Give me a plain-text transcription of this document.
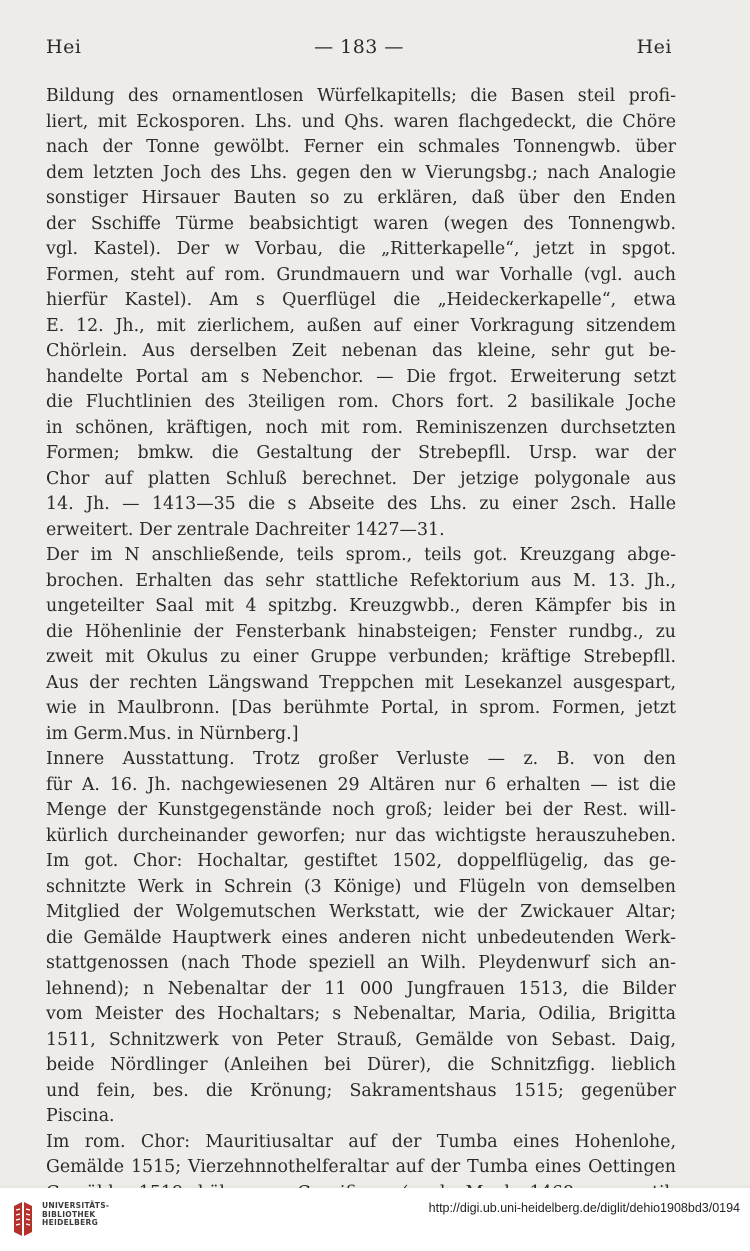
Hei	— 183 —	Hei
Bildung des ornamentlosen Würfelkapitells; die Basen steil profi-
liert, mit Eckosporen. Lhs. und Qhs. waren flachgedeckt, die Chöre
nach der Tonne gewölbt. Ferner ein schmales Tonnengwb. über
dem letzten Joch des Lhs. gegen den w Vierungsbg.; nach Analogie
sonstiger Hirsauer Bauten so zu erklären, daß über den Enden
der Sschiffe Türme beabsichtigt waren (wegen des Tonnengwb.
vgl. Kastel). Der w Vorbau, die „Ritterkapelle“, jetzt in spgot.
Formen, steht auf rom. Grundmauern und war Vorhalle (vgl. auch
hierfür Kastel). Am s Querflügel die „Heideckerkapelle“, etwa
E. 12. Jh., mit zierlichem, außen auf einer Vorkragung sitzendem
Chörlein. Aus derselben Zeit nebenan das kleine, sehr gut be-
handelte Portal am s Nebenchor. — Die frgot. Erweiterung setzt
die Fluchtlinien des 3teiligen rom. Chors fort. 2 basilikale Joche
in schönen, kräftigen, noch mit rom. Reminiszenzen durchsetzten
Formen; bmkw. die Gestaltung der Strebepfll. Ursp. war der
Chor auf platten Schluß berechnet. Der jetzige polygonale aus
14. Jh. — 1413—35 die s Abseite des Lhs. zu einer 2sch. Halle
erweitert. Der zentrale Dachreiter 1427—31.
Der im N anschließende, teils sprom., teils got. Kreuzgang abge-
brochen. Erhalten das sehr stattliche Refektorium aus M. 13. Jh.,
ungeteilter Saal mit 4 spitzbg. Kreuzgwbb., deren Kämpfer bis in
die Höhenlinie der Fensterbank hinabsteigen; Fenster rundbg., zu
zweit mit Okulus zu einer Gruppe verbunden; kräftige Strebepfll.
Aus der rechten Längswand Treppchen mit Lesekanzel ausgespart,
wie in Maulbronn. [Das berühmte Portal, in sprom. Formen, jetzt
im Germ.Mus. in Nürnberg.]
Innere Ausstattung. Trotz großer Verluste — z. B. von den
für A. 16. Jh. nachgewiesenen 29 Altären nur 6 erhalten — ist die
Menge der Kunstgegenstände noch groß; leider bei der Rest. will-
kürlich durcheinander geworfen; nur das wichtigste herauszuheben.
Im got. Chor: Hochaltar, gestiftet 1502, doppelflügelig, das ge-
schnitzte Werk in Schrein (3 Könige) und Flügeln von demselben
Mitglied der Wolgemutschen Werkstatt, wie der Zwickauer Altar;
die Gemälde Hauptwerk eines anderen nicht unbedeutenden Werk-
stattgenossen (nach Thode speziell an Wilh. Pleydenwurf sich an-
lehnend); n Nebenaltar der 11 000 Jungfrauen 1513, die Bilder
vom Meister des Hochaltars; s Nebenaltar, Maria, Odilia, Brigitta
1511, Schnitzwerk von Peter Strauß, Gemälde von Sebast. Daig,
beide Nördlinger (Anleihen bei Dürer), die Schnitzfigg. lieblich
und fein, bes. die Krönung; Sakramentshaus 1515; gegenüber
Piscina.
Im rom. Chor: Mauritiusaltar auf der Tumba eines Hohenlohe,
Gemälde 1515; Vierzehnnothelferaltar auf der Tumba eines Oettingen
UNIVERSITÄTS-
BIBLIOTHEK
HEIDELBERG
http://digi.ub.uni-heidelberg.de/diglit/dehio1908bd3/0194
